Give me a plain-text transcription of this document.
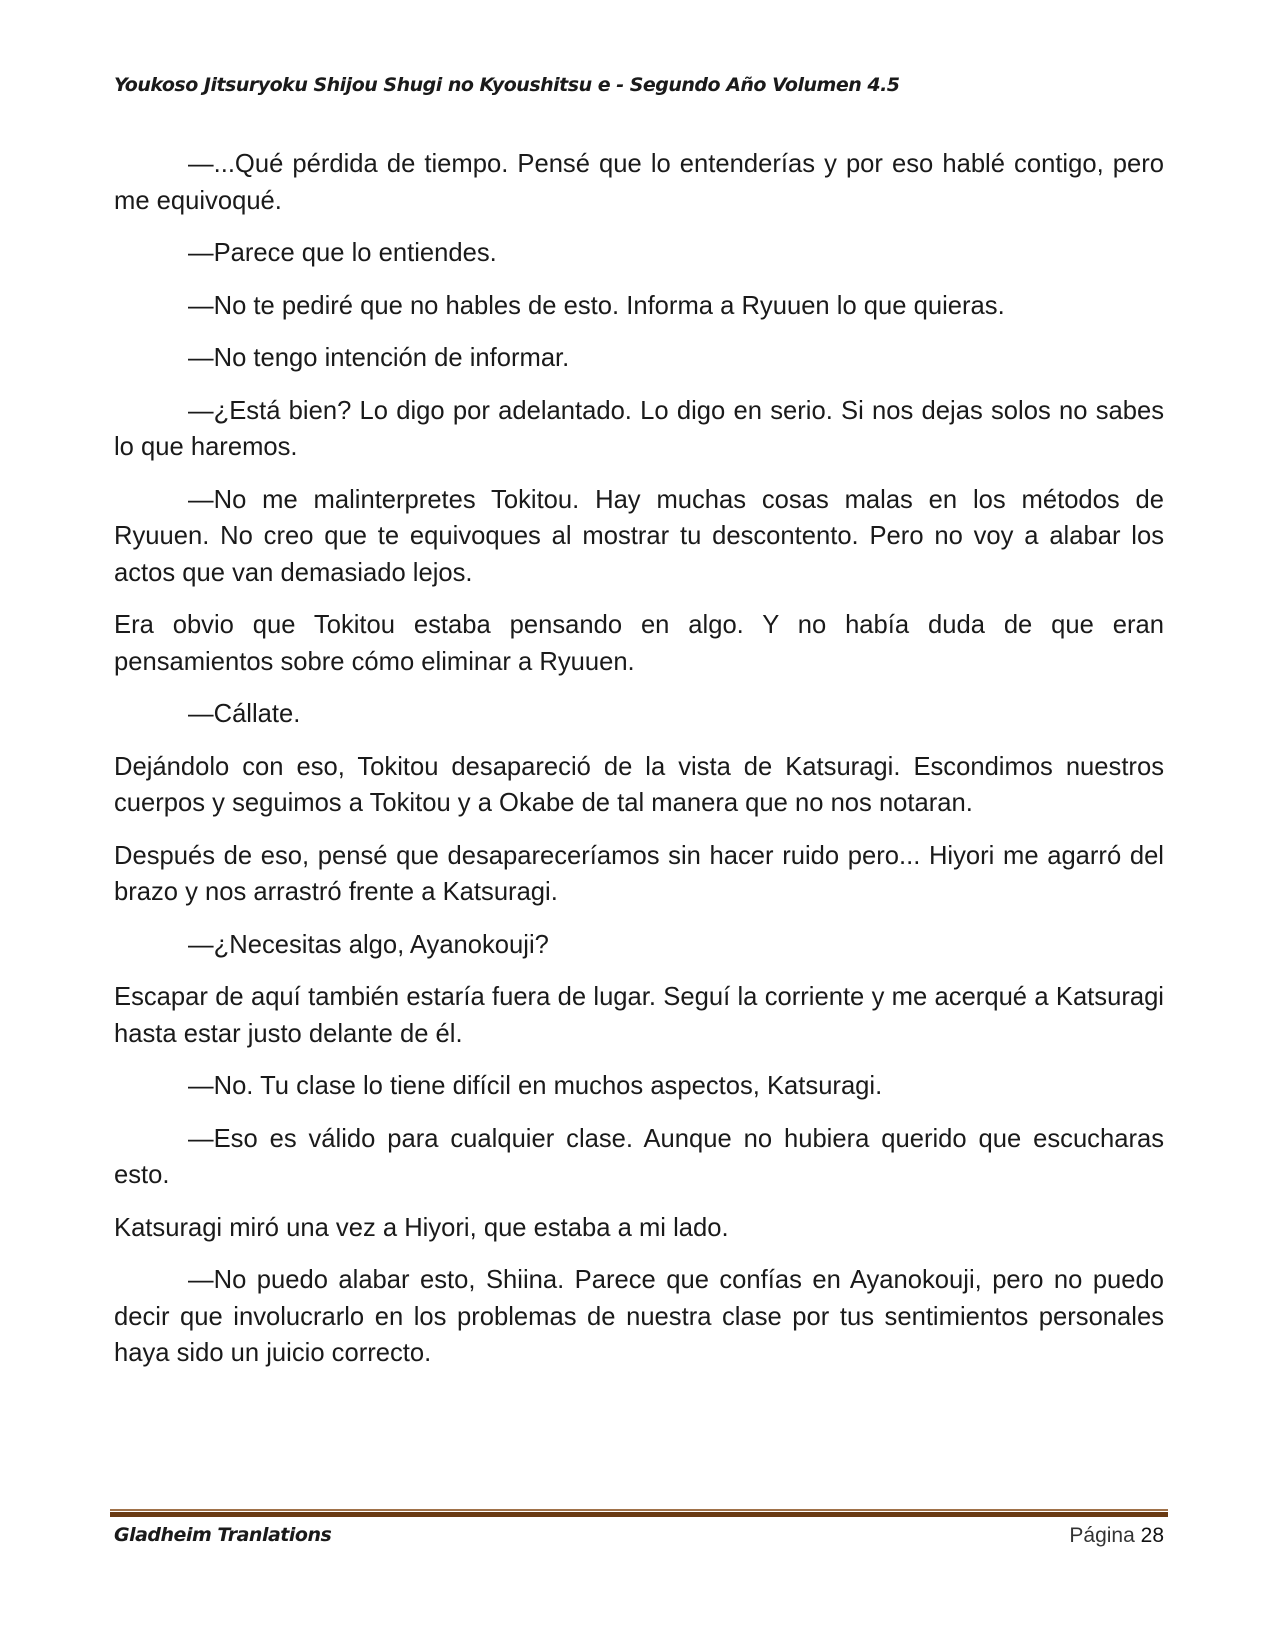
Youkoso Jitsuryoku Shijou Shugi no Kyoushitsu e - Segundo Año Volumen 4.5

—...Qué pérdida de tiempo. Pensé que lo entenderías y por eso hablé contigo, pero me equivoqué.

—Parece que lo entiendes.

—No te pediré que no hables de esto. Informa a Ryuuen lo que quieras.

—No tengo intención de informar.

—¿Está bien? Lo digo por adelantado. Lo digo en serio. Si nos dejas solos no sabes lo que haremos.

—No me malinterpretes Tokitou. Hay muchas cosas malas en los métodos de Ryuuen. No creo que te equivoques al mostrar tu descontento. Pero no voy a alabar los actos que van demasiado lejos.

Era obvio que Tokitou estaba pensando en algo. Y no había duda de que eran pensamientos sobre cómo eliminar a Ryuuen.

—Cállate.

Dejándolo con eso, Tokitou desapareció de la vista de Katsuragi. Escondimos nuestros cuerpos y seguimos a Tokitou y a Okabe de tal manera que no nos notaran.

Después de eso, pensé que desapareceríamos sin hacer ruido pero... Hiyori me agarró del brazo y nos arrastró frente a Katsuragi.

—¿Necesitas algo, Ayanokouji?

Escapar de aquí también estaría fuera de lugar. Seguí la corriente y me acerqué a Katsuragi hasta estar justo delante de él.

—No. Tu clase lo tiene difícil en muchos aspectos, Katsuragi.

—Eso es válido para cualquier clase. Aunque no hubiera querido que escucharas esto.

Katsuragi miró una vez a Hiyori, que estaba a mi lado.

—No puedo alabar esto, Shiina. Parece que confías en Ayanokouji, pero no puedo decir que involucrarlo en los problemas de nuestra clase por tus sentimientos personales haya sido un juicio correcto.

Gladheim Tranlations	Página 28
